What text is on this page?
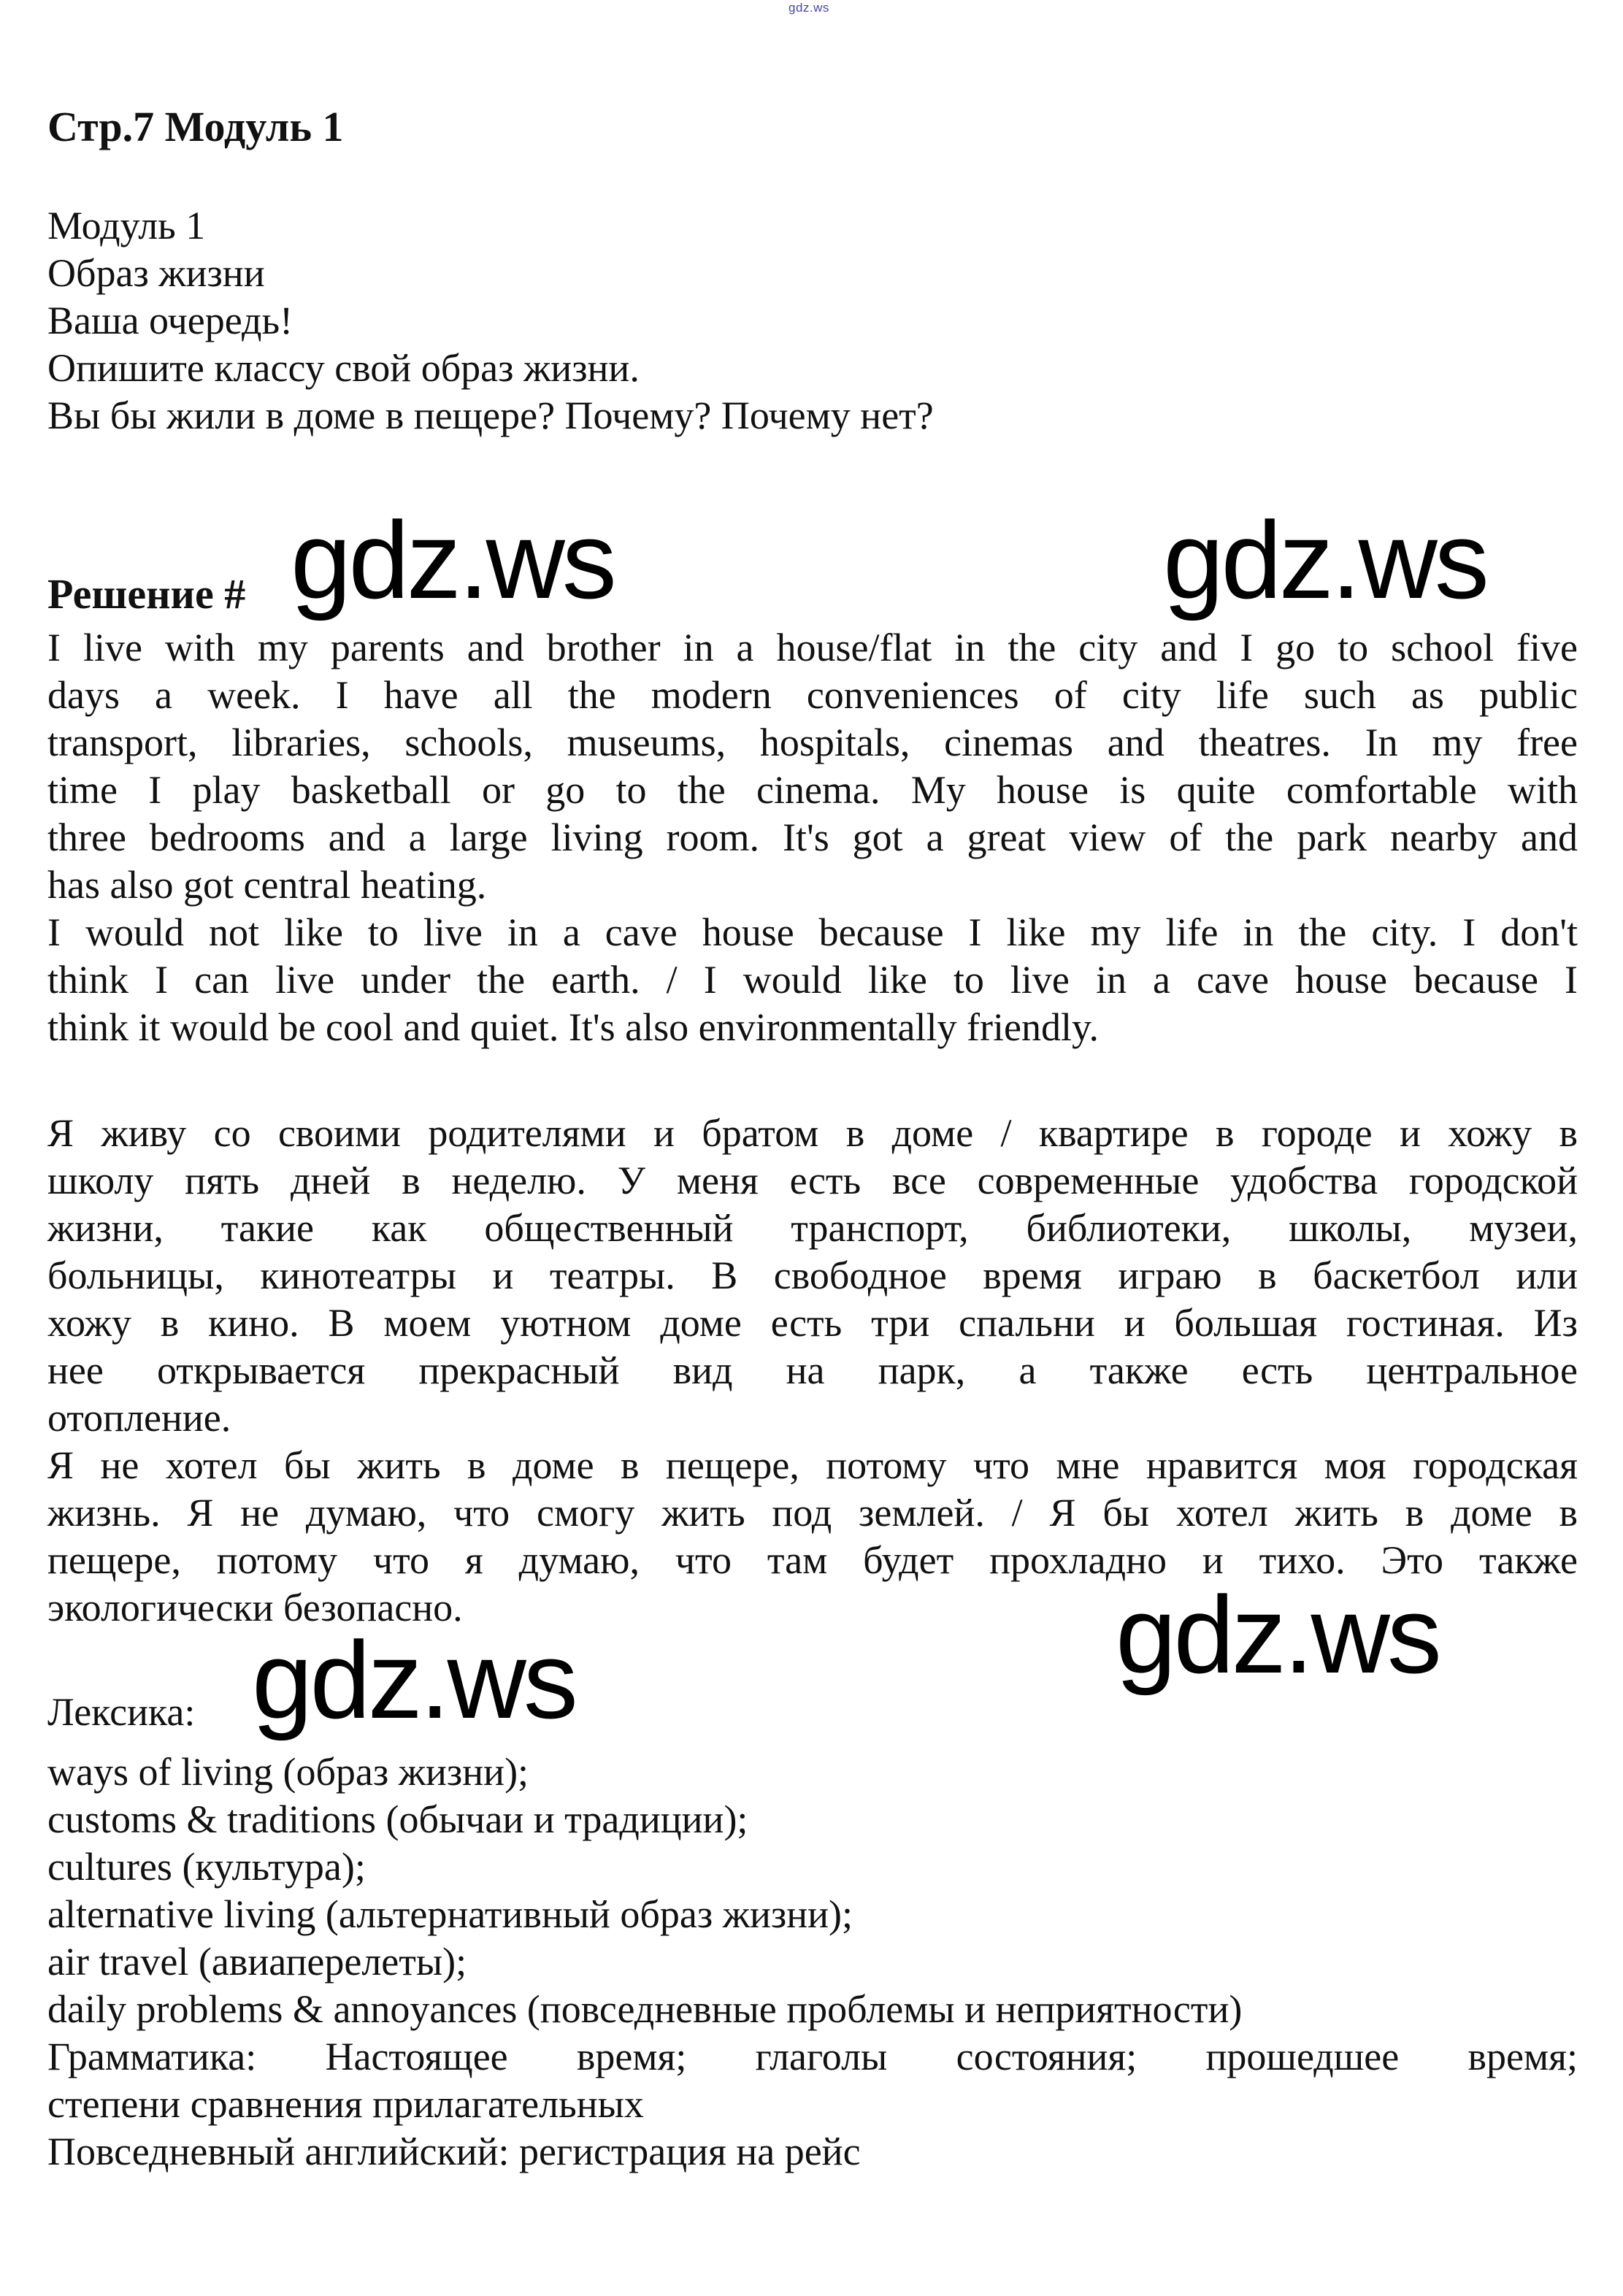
gdz.ws
Стр.7 Модуль 1
Модуль 1
Образ жизни
Ваша очередь!
Опишите классу свой образ жизни.
Вы бы жили в доме в пещере? Почему? Почему нет?
Решение # gdz.ws	gdz.ws
I live with my parents and brother in a house/flat in the city and I go to school five
days a week. I have all the modern conveniences of city life such as public
transport, libraries, schools, museums, hospitals, cinemas and theatres. In my free
time I play basketball or go to the cinema. My house is quite comfortable with
three bedrooms and a large living room. It's got a great view of the park nearby and
has also got central heating.
I would not like to live in a cave house because I like my life in the city. I don't
think I can live under the earth. / I would like to live in a cave house because I
think it would be cool and quiet. It's also environmentally friendly.
Я живу со своими родителями и братом в доме / квартире в городе и хожу в
школу пять дней в неделю. У меня есть все современные удобства городской
жизни, такие как общественный транспорт, библиотеки, школы, музеи,
больницы, кинотеатры и театры. В свободное время играю в баскетбол или
хожу в кино. В моем уютном доме есть три спальни и большая гостиная. Из
нее открывается прекрасный вид на парк, а также есть центральное
отопление.
Я не хотел бы жить в доме в пещере, потому что мне нравится моя городская
жизнь. Я не думаю, что смогу жить под землей. / Я бы хотел жить в доме в
пещере, потому что я думаю, что там будет прохладно и тихо. Это также
экологически безопасно.	gdz.ws
Лексика: gdz.ws
ways of living (образ жизни);
customs & traditions (обычаи и традиции);
cultures (культура);
alternative living (альтернативный образ жизни);
air travel (авиаперелеты);
daily problems & annoyances (повседневные проблемы и неприятности)
Грамматика: Настоящее время; глаголы состояния; прошедшее время;
степени сравнения прилагательных
Повседневный английский: регистрация на рейс
